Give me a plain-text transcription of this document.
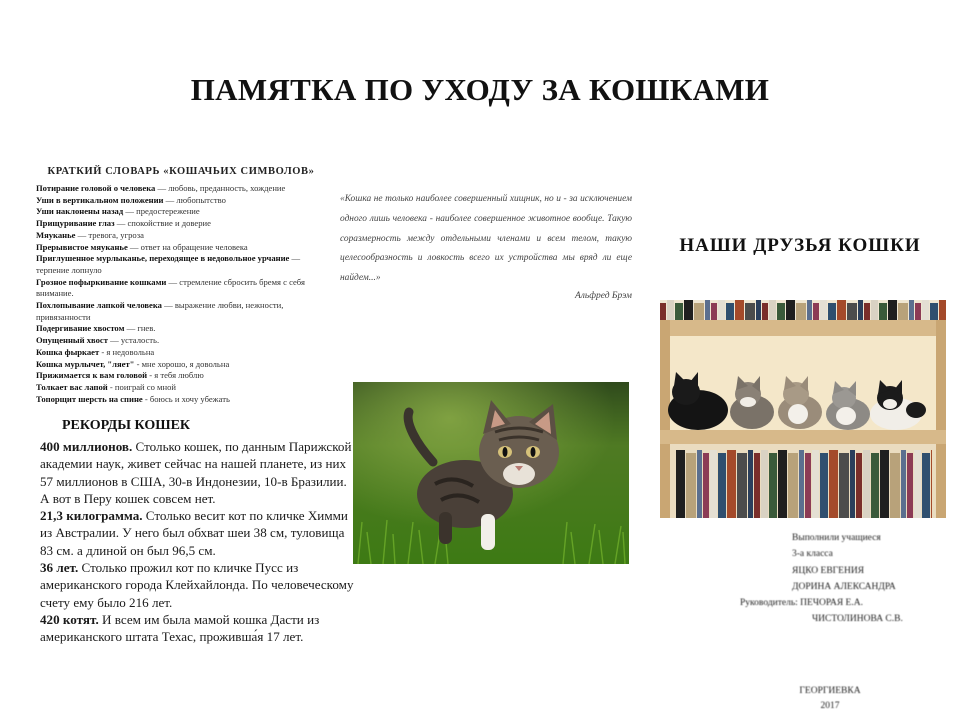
ПАМЯТКА ПО УХОДУ ЗА КОШКАМИ
КРАТКИЙ СЛОВАРЬ «КОШАЧЬИХ СИМВОЛОВ»
Потирание головой о человека — любовь, преданность, хождение
Уши в вертикальном положении — любопытство
Уши наклонены назад — предостережение
Прищуривание глаз — спокойствие и доверие
Мяуканье — тревога, угроза
Прерывистое мяуканье — ответ на обращение человека
Приглушенное мурлыканье, переходящее в недовольное урчание — терпение лопнуло
Грозное пофыркивание кошками — стремление сбросить бремя с себя внимание.
Похлопывание лапкой человека — выражение любви, нежности, привязанности
Подергивание хвостом — гнев.
Опущенный хвост — усталость.
Кошка фыркает - я недовольна
Кошка мурлычет, "ляет" - мне хорошо, я довольна
Прижимается к вам головой - я тебя люблю
Толкает вас лапой - поиграй со мной
Топорщит шерсть на спине - боюсь и хочу убежать
«Кошка не только наиболее совершенный хищник, но и - за исключением одного лишь человека - наиболее совершенное животное вообще. Такую соразмерность между отдельными членами и всем телом, такую целесообразность и ловкость всего их устройства мы вряд ли еще найдем...»
Альфред Брэм
РЕКОРДЫ КОШЕК

400 миллионов. Столько кошек, по данным Парижской академии наук, живет сейчас на нашей планете, из них 57 миллионов в США, 30-в Индонезии, 10-в Бразилии. А вот в Перу кошек совсем нет.

21,3 килограмма. Столько весит кот по кличке Химми из Австралии. У него был обхват шеи 38 см, туловища 83 см. а длиной он был 96,5 см.

36 лет. Столько прожил кот по кличке Пусс из американского города Клейхайлонда. По человеческому счету ему было 216 лет.

420 котят. И всем им была мамой кошка Дасти из американского штата Техас, проживша́я 17 лет.

НАШИ ДРУЗЬЯ КОШКИ
Выполнили учащиеся
3-а класса
ЯЦКО ЕВГЕНИЯ
ДОРИНА АЛЕКСАНДРА
Руководитель: ПЕЧОРАЯ Е.А.
ЧИСТОЛИНОВА С.В.
ГЕОРГИЕВКА
2017
